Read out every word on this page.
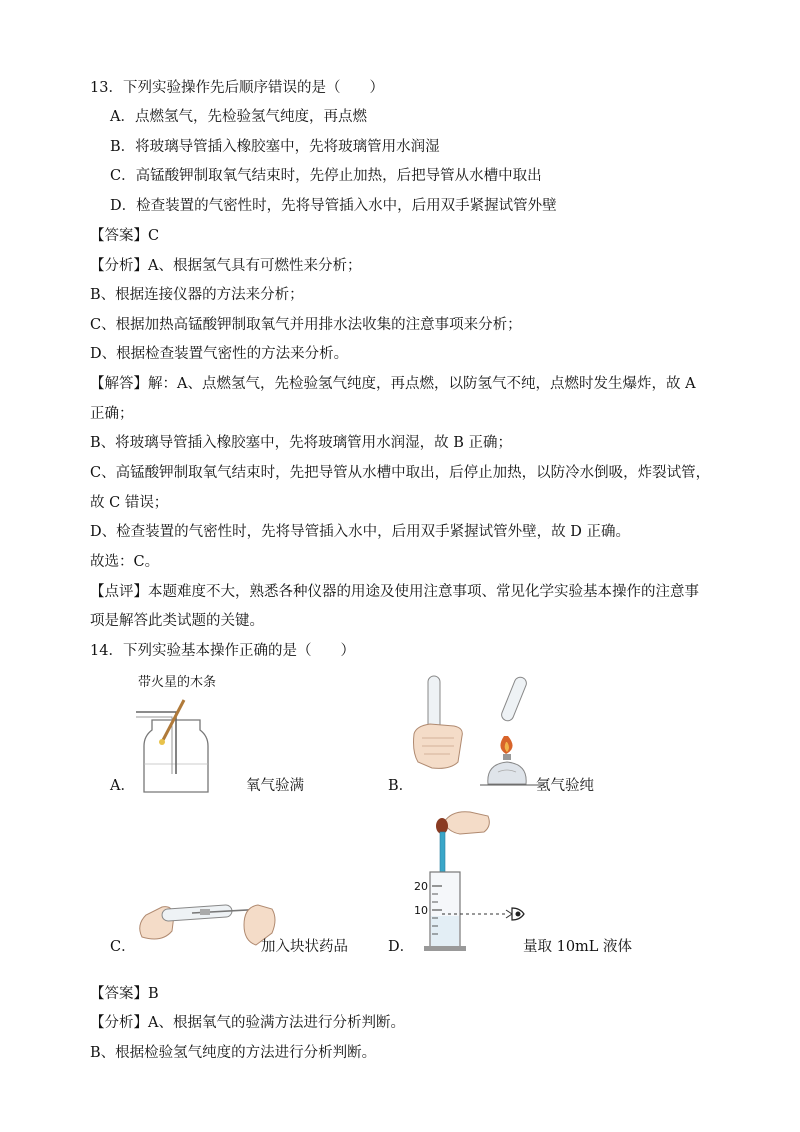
13．下列实验操作先后顺序错误的是（　　）
A．点燃氢气，先检验氢气纯度，再点燃
B．将玻璃导管插入橡胶塞中，先将玻璃管用水润湿
C．高锰酸钾制取氧气结束时，先停止加热，后把导管从水槽中取出
D．检查装置的气密性时，先将导管插入水中，后用双手紧握试管外壁
【答案】C
【分析】A、根据氢气具有可燃性来分析；
B、根据连接仪器的方法来分析；
C、根据加热高锰酸钾制取氧气并用排水法收集的注意事项来分析；
D、根据检查装置气密性的方法来分析。
【解答】解：A、点燃氢气，先检验氢气纯度，再点燃，以防氢气不纯，点燃时发生爆炸，故 A
正确；
B、将玻璃导管插入橡胶塞中，先将玻璃管用水润湿，故 B 正确；
C、高锰酸钾制取氧气结束时，先把导管从水槽中取出，后停止加热，以防冷水倒吸，炸裂试管，
故 C 错误；
D、检查装置的气密性时，先将导管插入水中，后用双手紧握试管外壁，故 D 正确。
故选：C。
【点评】本题难度不大，熟悉各种仪器的用途及使用注意事项、常见化学实验基本操作的注意事
项是解答此类试题的关键。
14．下列实验基本操作正确的是（　　）
带火星的木条
A．	氧气验满	B．	氢气验纯
C．	加入块状药品
20
10
D．	量取 10mL 液体
【答案】B
【分析】A、根据氧气的验满方法进行分析判断。
B、根据检验氢气纯度的方法进行分析判断。
